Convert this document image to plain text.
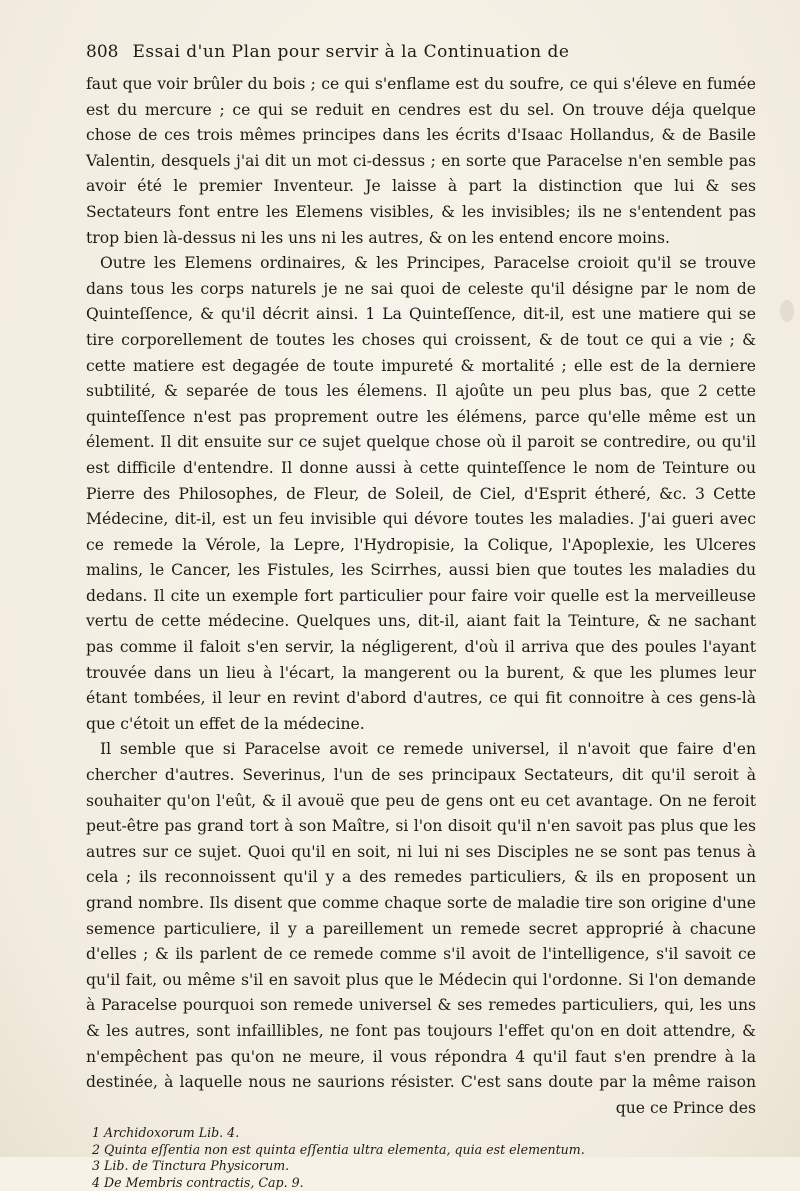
808 Essai d'un Plan pour servir à la Continuation de

faut que voir brûler du bois ; ce qui s'enflame est du soufre, ce qui s'éleve en fumée est du mercure ; ce qui se reduit en cendres est du sel. On trouve déja quelque chose de ces trois mêmes principes dans les écrits d'Isaac Hollandus, & de Basile Valentin, desquels j'ai dit un mot ci-dessus ; en sorte que Paracelse n'en semble pas avoir été le premier Inventeur. Je laisse à part la distinction que lui & ses Sectateurs font entre les Elemens visibles, & les invisibles; ils ne s'entendent pas trop bien là-dessus ni les uns ni les autres, & on les entend encore moins.

Outre les Elemens ordinaires, & les Principes, Paracelse croioit qu'il se trouve dans tous les corps naturels je ne sai quoi de celeste qu'il désigne par le nom de Quinteſſence, & qu'il décrit ainsi. 1 La Quinteſſence, dit-il, est une matiere qui se tire corporellement de toutes les choses qui croissent, & de tout ce qui a vie ; & cette matiere est degagée de toute impureté & mortalité ; elle est de la derniere subtilité, & separée de tous les élemens. Il ajoûte un peu plus bas, que 2 cette quinteſſence n'est pas proprement outre les élémens, parce qu'elle même est un élement. Il dit ensuite sur ce sujet quelque chose où il paroit se contredire, ou qu'il est difficile d'entendre. Il donne aussi à cette quinteſſence le nom de Teinture ou Pierre des Philosophes, de Fleur, de Soleil, de Ciel, d'Esprit étheré, &c. 3 Cette Médecine, dit-il, est un feu invisible qui dévore toutes les maladies. J'ai gueri avec ce remede la Vérole, la Lepre, l'Hydropisie, la Colique, l'Apoplexie, les Ulceres malins, le Cancer, les Fistules, les Scirrhes, aussi bien que toutes les maladies du dedans. Il cite un exemple fort particulier pour faire voir quelle est la merveilleuse vertu de cette médecine. Quelques uns, dit-il, aiant fait la Teinture, & ne sachant pas comme il faloit s'en servir, la négligerent, d'où il arriva que des poules l'ayant trouvée dans un lieu à l'écart, la mangerent ou la burent, & que les plumes leur étant tombées, il leur en revint d'abord d'autres, ce qui fit connoitre à ces gens-là que c'étoit un effet de la médecine.

Il semble que si Paracelse avoit ce remede universel, il n'avoit que faire d'en chercher d'autres. Severinus, l'un de ses principaux Sectateurs, dit qu'il seroit à souhaiter qu'on l'eût, & il avouë que peu de gens ont eu cet avantage. On ne feroit peut-être pas grand tort à son Maître, si l'on disoit qu'il n'en savoit pas plus que les autres sur ce sujet. Quoi qu'il en soit, ni lui ni ses Disciples ne se sont pas tenus à cela ; ils reconnoissent qu'il y a des remedes particuliers, & ils en proposent un grand nombre. Ils disent que comme chaque sorte de maladie tire son origine d'une semence particuliere, il y a pareillement un remede secret approprié à chacune d'elles ; & ils parlent de ce remede comme s'il avoit de l'intelligence, s'il savoit ce qu'il fait, ou même s'il en savoit plus que le Médecin qui l'ordonne. Si l'on demande à Paracelse pourquoi son remede universel & ses remedes particuliers, qui, les uns & les autres, sont infaillibles, ne font pas toujours l'effet qu'on en doit attendre, & n'empêchent pas qu'on ne meure, il vous répondra 4 qu'il faut s'en prendre à la destinée, à laquelle nous ne saurions résister. C'est sans doute par la même raison que ce Prince des

1 Archidoxorum Lib. 4.
2 Quinta eſſentia non est quinta eſſentia ultra elementa, quia est elementum.
3 Lib. de Tinctura Physicorum.
4 De Membris contractis, Cap. 9.
